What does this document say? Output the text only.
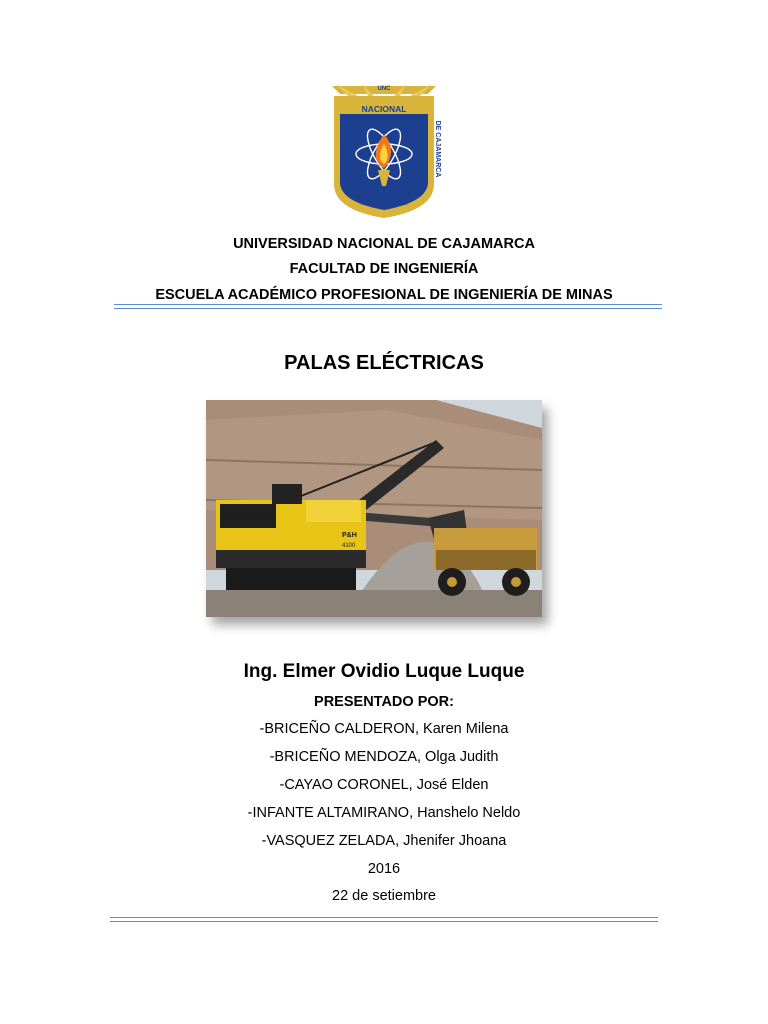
UNC
NACIONAL
UNIVERSIDAD	DE CAJAMARCA
Norte de la Universidad Peruana
UNIVERSIDAD NACIONAL DE CAJAMARCA
FACULTAD DE INGENIERÍA
ESCUELA ACADÉMICO PROFESIONAL DE INGENIERÍA DE MINAS
PALAS ELÉCTRICAS
P&H
4100
Ing. Elmer Ovidio Luque Luque
PRESENTADO POR:
-BRICEÑO CALDERON, Karen Milena
-BRICEÑO MENDOZA, Olga Judith
-CAYAO CORONEL, José Elden
-INFANTE ALTAMIRANO, Hanshelo Neldo
-VASQUEZ ZELADA, Jhenifer Jhoana
2016
22 de setiembre
